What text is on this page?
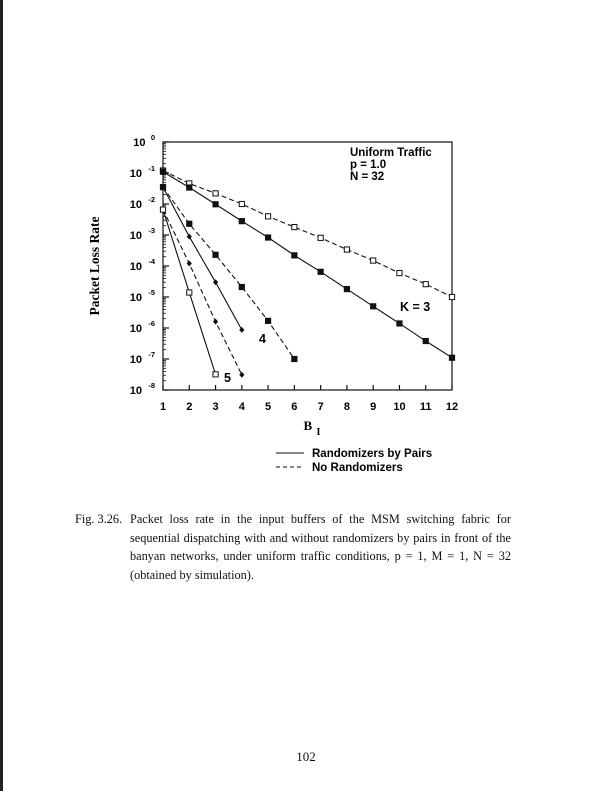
10 0
10 -1
10 -2
10 -3
10 -4
10 -5
10 -6
10 -7
10 -8
1 2 3 4 5 6 7 8 9 10 11 12
B I
Packet Loss Rate
Uniform Traffic
p = 1.0
N = 32
K = 3
4
5
Randomizers by Pairs
No Randomizers
Fig. 3.26. Packet loss rate in the input buffers of the MSM switching fabric for sequential dispatching with and without randomizers by pairs in front of the banyan networks, under uniform traffic conditions, p = 1, M = 1, N = 32 (obtained by simulation).
102
